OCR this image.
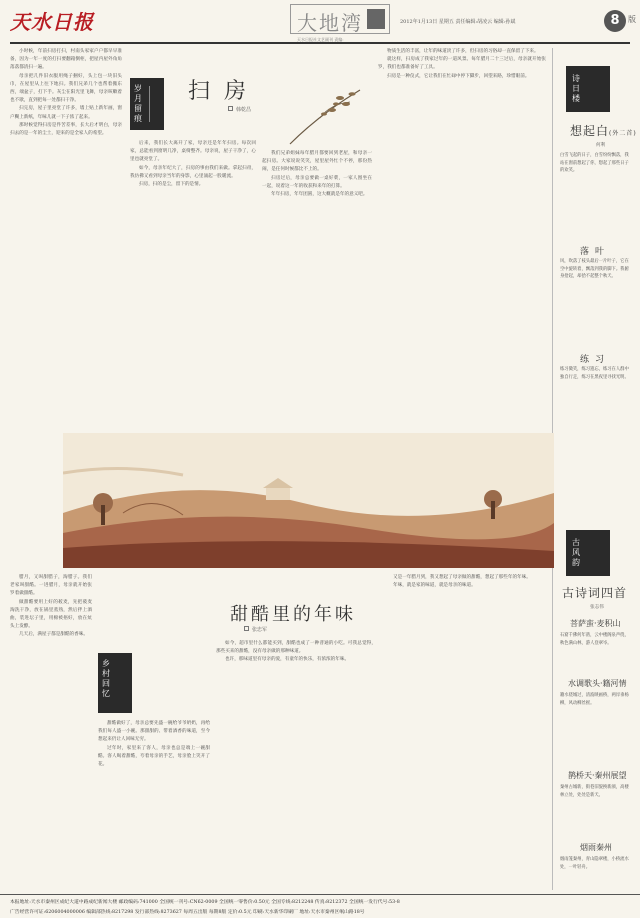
天水日报	大地湾
天水日报社文艺副刊 责编:
2012年1月13日 星期五 责任编辑:胡凌云 编辑:孙斌	8	版
岁月留痕
扫房
韩乾昌

小时候，年前扫房打扫，村南头家家户户都早早准备，因为一年一度的打扫要翻箱倒柜，把屋内屋外角角落落都清扫一遍。

母亲把几件旧衣服用绳子捆好，头上包一块旧头巾，在屋里从上往下地扫。我们兄弟几个也帮着搬东西，端盆子，打下手。灰尘在阳光里飞舞，母亲咳嗽着也不歇，直到把每一处都扫干净。

扫完房，屋子里亮堂了许多，墙上贴上新年画，窗户糊上新纸，年味儿就一下子浓了起来。

那时候觉得扫房是件苦差事，长大后才明白，母亲扫去的是一年的尘土，迎来的是全家人的希望。

后来，我们长大离开了家，母亲还是年年扫房。每次回家，总能看到窗明几净，桌椅整齐。母亲说，屋子干净了，心里也就亮堂了。

如今，母亲年纪大了，扫房的事由我们来做。拿起扫帚，我仿佛又看到母亲当年的身影，心里涌起一股暖流。

扫房，扫的是尘，留下的是情。

我们兄弟姐妹每年腊月都要回到老屋，和母亲一起扫房。大家说说笑笑，屋里屋外忙个不停，那份热闹，是任何时候都比不上的。

扫房过后，母亲总要做一桌好菜，一家人围坐在一起，说着这一年的收获和来年的打算。

年年扫房，年年团圆，这大概就是年的意义吧。

物质生活的丰富，让年的味道淡了许多，但扫房的习俗却一直保留了下来。

就这样，扫房成了我家过年的一道风景。每年腊月二十三过后，母亲就开始张罗，我们也都准备好了工具。

扫房是一种仪式，它让我们在忙碌中停下脚步，回望来路，珍惜眼前。

乡村回忆
甜酷里的年味
张忠军

腊月，又叫甜腊子，淘腊子。我们老家叫甜酷。一进腊月，母亲就开始张罗着做甜酷。

做甜酷要用上好的莜麦，先把莜麦淘洗干净，放在锅里蒸熟，然后拌上酒曲，装进坛子里，用棉被捂好，放在炕头上发酵。

几天后，满屋子都是甜酷的香味。

甜酷做好了，母亲总要先盛一碗给爷爷奶奶，再给我们每人盛一小碗。那甜甜的、带着酒香的味道，至今想起来仍让人回味无穷。

过年时，家里来了客人，母亲也总是端上一碗甜酷。客人喝着甜酷，夸着母亲的手艺，母亲脸上笑开了花。

如今，超市里什么都能买到，甜酷也成了一种普通的小吃。可我总觉得，那些买来的甜酷，没有母亲做的那种味道。

也许，那味道里有母亲的爱，有童年的快乐，有浓浓的年味。

又是一年腊月到，我又想起了母亲做的甜酷，想起了那些年的年味。

年味，就是家的味道，就是母亲的味道。

诗日楼
想起白(外二首)
何利
白雪飞起的日子，白雪纷纷飘落，我站在窗前想起了你，想起了那些日子的欢笑。
落叶
风，吹落了枝头最后一片叶子，它在空中旋转着，飘落到我的脚下。我俯身拾起，却拾不起整个秋天。
练习
练习微笑，练习遗忘，练习在人群中独自行走，练习在黑夜里寻找光明。
古风韵
古诗词四首
张志伟
菩萨蛮·麦积山
石窟千佛何年凿，云中楼阁泉声绕，秋色满山林，游人登翠岑。
水调歌头·籍河情
籍水绕城过，清波映画桥，两岸垂杨柳，风动柳丝摇。
鹊桥天·秦州展望
秦州古城新，街巷旧貌换新颜，高楼林立处，处处是新天。
烟雨秦州
烟雨笼秦州，青山隐翠楼，小桥流水处，一叶轻舟。
本报地址:天水市秦州区成纪大道中路成纪新闻大楼 邮政编码:741000 全国统一刊号:CN62-0009 全国统一零售价:0.50元 全国专线:8212248 传真:8212372 全国统一发行代号:53-8
广告经营许可证:6206004000006 编辑部热线:8217298 发行部热线:8273627 每周五出版 每期8版 定价:0.5元 印刷:天水新华印刷厂 地址:天水市秦州区岷山路18号
